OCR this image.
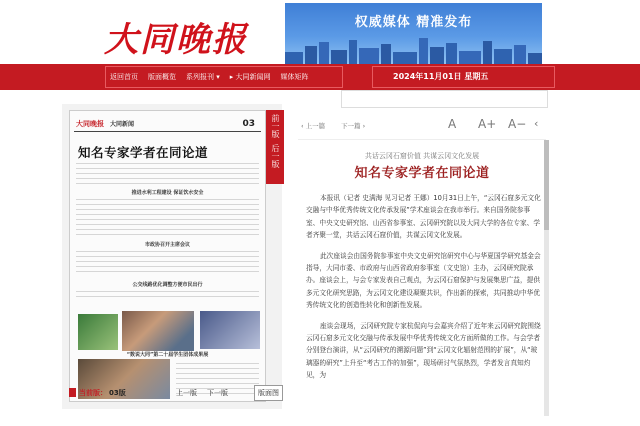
大同晚报	权威媒体 精准发布
返回首页 版面概览 系列报刊 ▾ ▸ 大同新闻网 媒体矩阵	2024年11月01日 星期五
大同晚报 大同新闻	03
知名专家学者在同论道
推进水利工程建设 保证饮水安全
市政协召开主席会议
公交线路优化调整方便市民出行
“数说大同”第二十届学生团体成果展
前一版
后一版
当前版： 03版	上一版 下一版	版面图
‹ 上一篇 下一篇 ›	A A+ A− ‹
共话云冈石窟价值 共谋云冈文化发展
知名专家学者在同论道

本报讯（记者 史满海 见习记者 王娜）10月31日上午，“云冈石窟多元文化交融与中华优秀传统文化传承发展”学术座谈会在我市举行。来自国务院参事室、中央文史研究馆、山西省参事室、云冈研究院以及大同大学的各位专家、学者齐聚一堂，共话云冈石窟价值，共谋云冈文化发展。

此次座谈会由国务院参事室中央文史研究馆研究中心与华夏国学研究基金会指导，大同市委、市政府与山西省政府参事室（文史馆）主办，云冈研究院承办。座谈会上，与会专家发表自己观点，为云冈石窟保护与发展集思广益，提供多元文化研究思路，为云冈文化建设凝聚共识，作出新的探索，共同推动中华优秀传统文化的创造性转化和创新性发展。

座谈会现场，云冈研究院专家杭侃向与会嘉宾介绍了近年来云冈研究院围绕云冈石窟多元文化交融与传承发展中华优秀传统文化方面所做的工作。与会学者分别登台演讲，从“云冈研究的溯源问题”到“云冈文化辐射范围的扩展”，从“玻璃器的研究”上升至“考古工作的加强”，现场研讨气氛热烈，学者发言真知灼见，为
